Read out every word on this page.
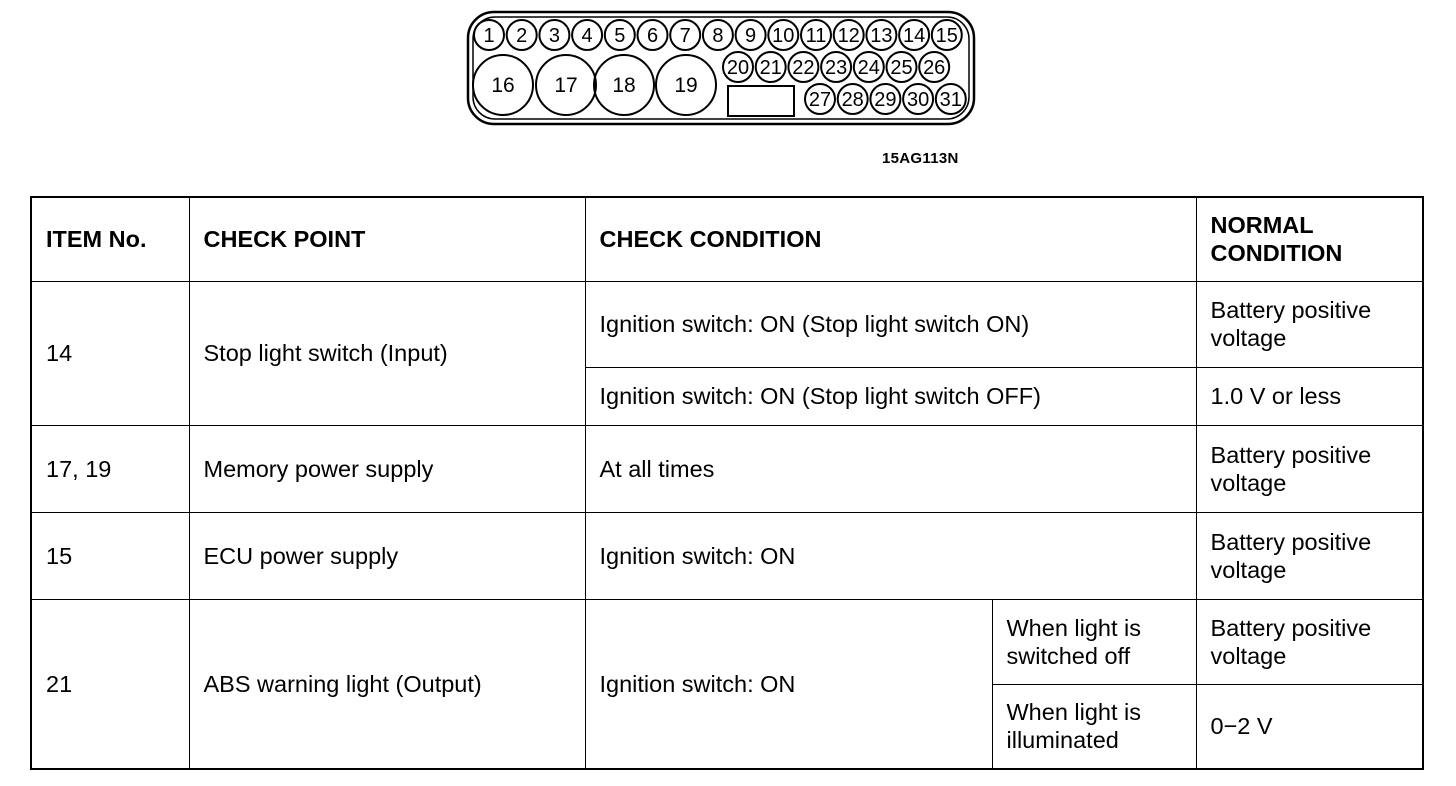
1 2 3 4 5 6 7 8 9 10 11 12 13 14 15
16 17 18 19
20 21 22 23 24 25 26
27 28 29 30 31
15AG113N
ITEM No.	CHECK POINT	CHECK CONDITION		NORMAL CONDITION
14	Stop light switch (Input)	Ignition switch: ON (Stop light switch ON)		Battery positive voltage
		Ignition switch: ON (Stop light switch OFF)		1.0 V or less
17, 19	Memory power supply	At all times		Battery positive voltage
15	ECU power supply	Ignition switch: ON		Battery positive voltage
21	ABS warning light (Output)	Ignition switch: ON	When light is switched off	Battery positive voltage
			When light is illuminated	0−2 V
